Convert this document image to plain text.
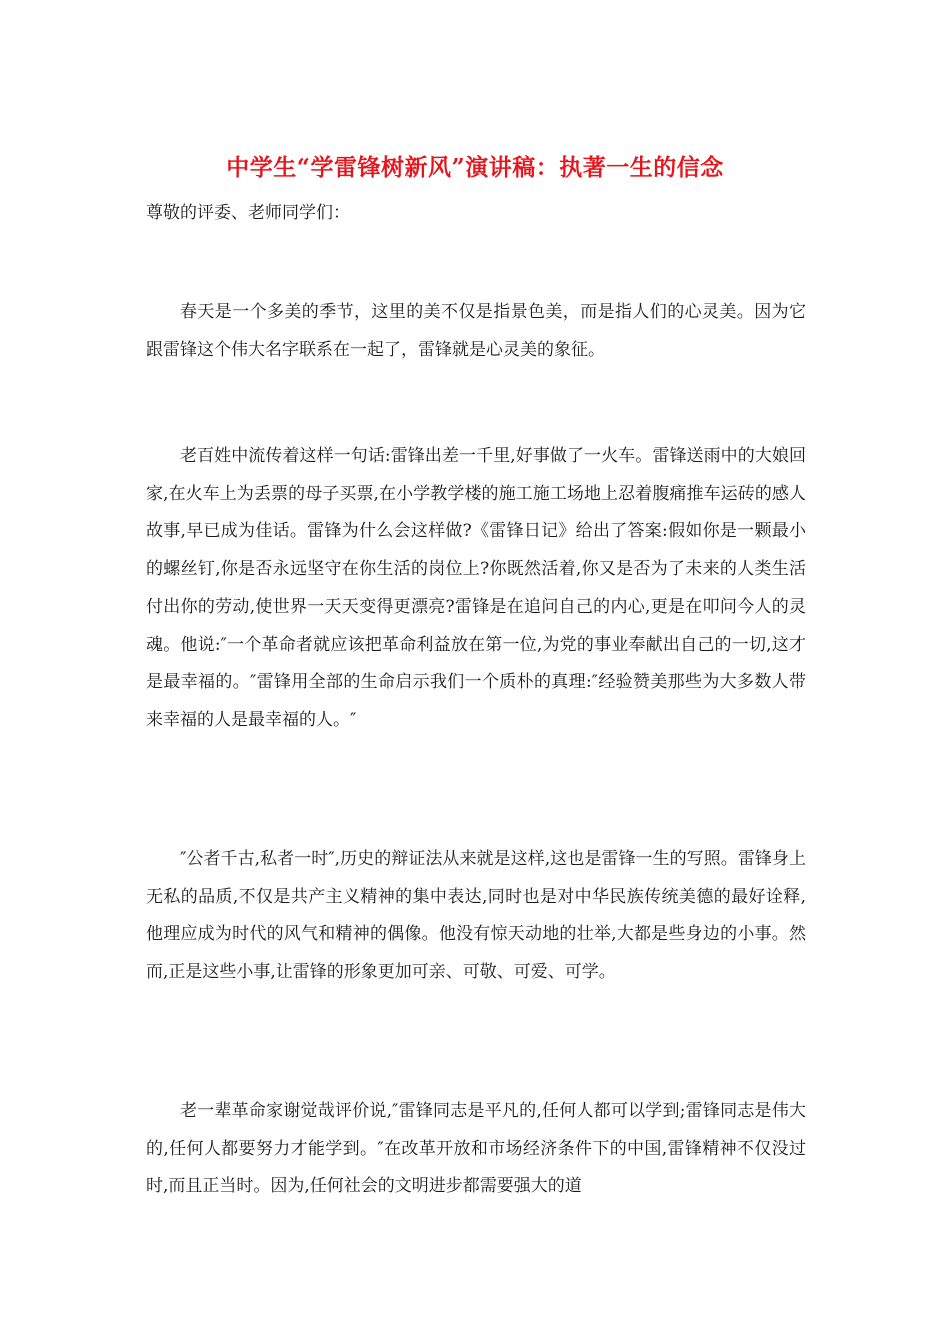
中学生“学雷锋树新风”演讲稿：执著一生的信念
尊敬的评委、老师同学们：

春天是一个多美的季节，这里的美不仅是指景色美，而是指人们的心灵美。因为它跟雷锋这个伟大名字联系在一起了，雷锋就是心灵美的象征。

老百姓中流传着这样一句话:雷锋出差一千里,好事做了一火车。雷锋送雨中的大娘回家,在火车上为丢票的母子买票,在小学教学楼的施工施工场地上忍着腹痛推车运砖的感人故事,早已成为佳话。雷锋为什么会这样做?《雷锋日记》给出了答案:假如你是一颗最小的螺丝钉,你是否永远坚守在你生活的岗位上?你既然活着,你又是否为了未来的人类生活付出你的劳动,使世界一天天变得更漂亮?雷锋是在追问自己的内心,更是在叩问今人的灵魂。他说:″一个革命者就应该把革命利益放在第一位,为党的事业奉献出自己的一切,这才是最幸福的。″雷锋用全部的生命启示我们一个质朴的真理:″经验赞美那些为大多数人带来幸福的人是最幸福的人。″

″公者千古,私者一时″,历史的辩证法从来就是这样,这也是雷锋一生的写照。雷锋身上无私的品质,不仅是共产主义精神的集中表达,同时也是对中华民族传统美德的最好诠释,他理应成为时代的风气和精神的偶像。他没有惊天动地的壮举,大都是些身边的小事。然而,正是这些小事,让雷锋的形象更加可亲、可敬、可爱、可学。

老一辈革命家谢觉哉评价说,″雷锋同志是平凡的,任何人都可以学到;雷锋同志是伟大的,任何人都要努力才能学到。″在改革开放和市场经济条件下的中国,雷锋精神不仅没过时,而且正当时。因为,任何社会的文明进步都需要强大的道
